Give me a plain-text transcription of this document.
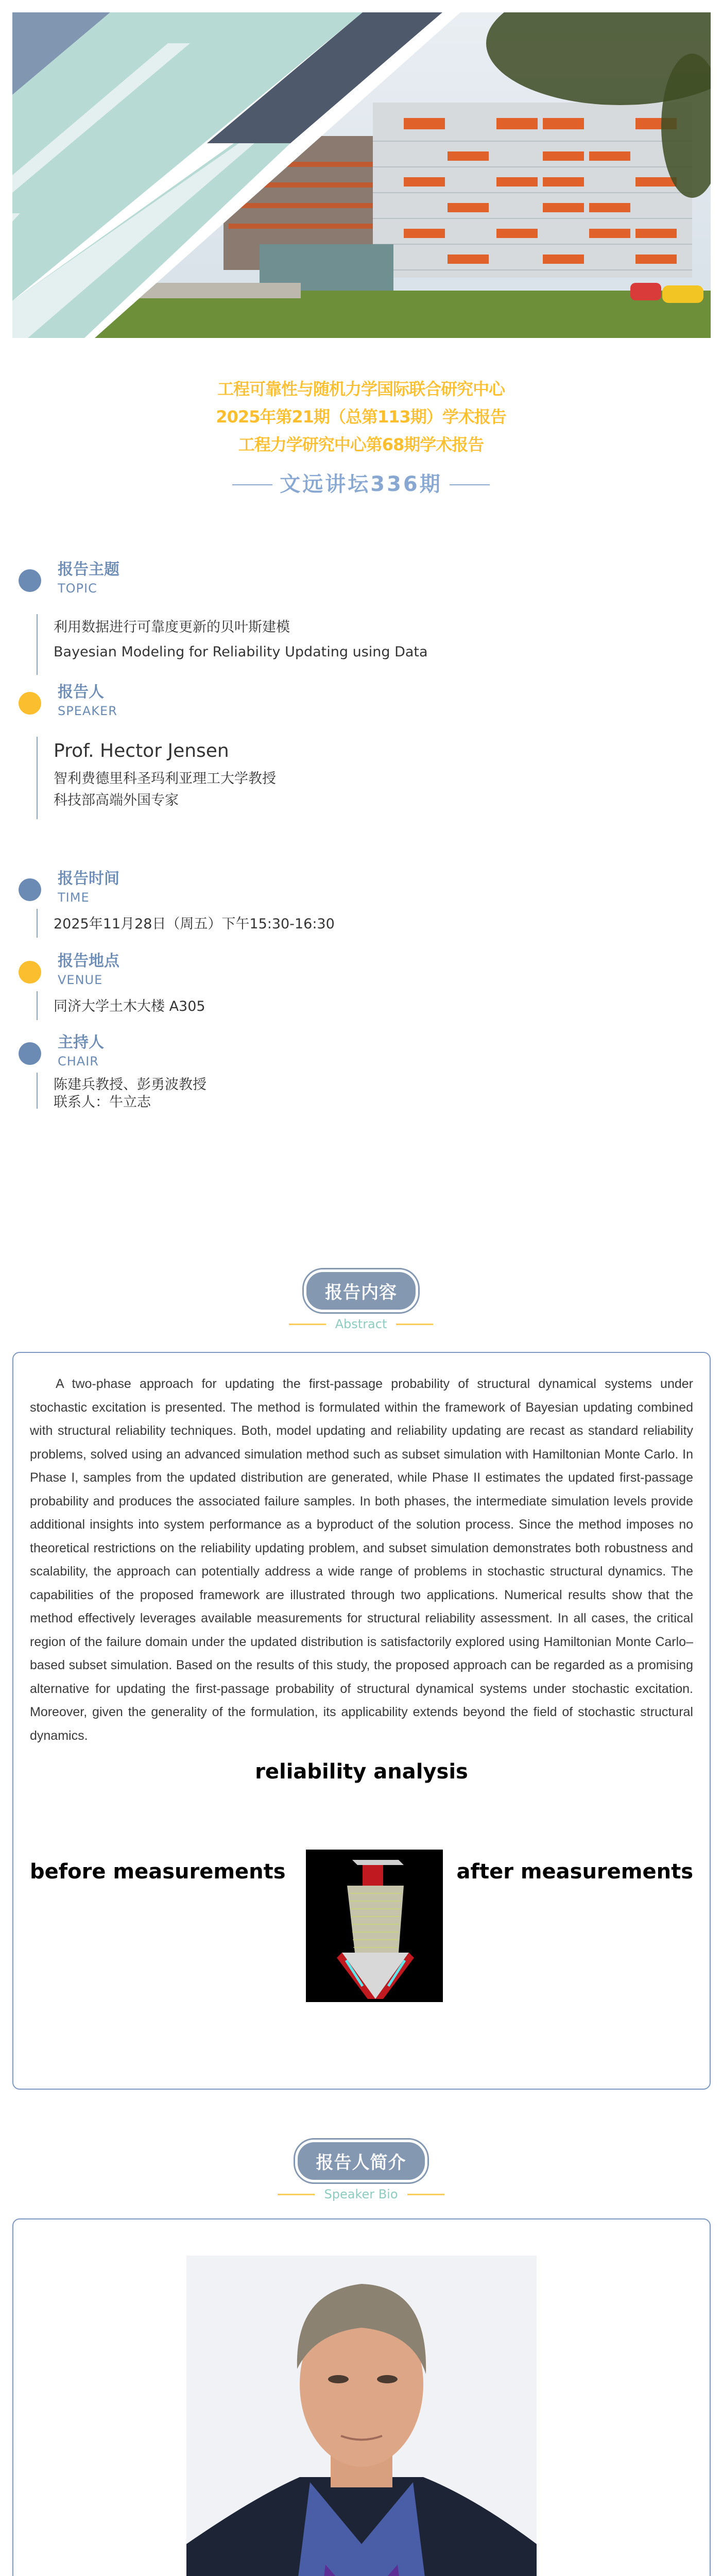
工程可靠性与随机力学国际联合研究中心
2025年第21期（总第113期）学术报告
工程力学研究中心第68期学术报告
文远讲坛336期
报告主题
TOPIC
利用数据进行可靠度更新的贝叶斯建模
Bayesian Modeling for Reliability Updating using Data
报告人
SPEAKER
Prof. Hector Jensen
智利费德里科圣玛利亚理工大学教授
科技部高端外国专家
报告时间
TIME
2025年11月28日（周五）下午15:30-16:30
报告地点
VENUE
同济大学土木大楼 A305
主持人
CHAIR
陈建兵教授、彭勇波教授
联系人：牛立志
报告内容
Abstract

A two-phase approach for updating the first-passage probability of structural dynamical systems under stochastic excitation is presented. The method is formulated within the framework of Bayesian updating combined with structural reliability techniques. Both, model updating and reliability updating are recast as standard reliability problems, solved using an advanced simulation method such as subset simulation with Hamiltonian Monte Carlo. In Phase I, samples from the updated distribution are generated, while Phase II estimates the updated first-passage probability and produces the associated failure samples. In both phases, the intermediate simulation levels provide additional insights into system performance as a byproduct of the solution process. Since the method imposes no theoretical restrictions on the reliability updating problem, and subset simulation demonstrates both robustness and scalability, the approach can potentially address a wide range of problems in stochastic structural dynamics. The capabilities of the proposed framework are illustrated through two applications. Numerical results show that the method effectively leverages available measurements for structural reliability assessment. In all cases, the critical region of the failure domain under the updated distribution is satisfactorily explored using Hamiltonian Monte Carlo–based subset simulation. Based on the results of this study, the proposed approach can be regarded as a promising alternative for updating the first-passage probability of structural dynamical systems under stochastic excitation. Moreover, given the generality of the formulation, its applicability extends beyond the field of stochastic structural dynamics.

reliability analysis
before measurements	after measurements
报告人简介
Speaker Bio
